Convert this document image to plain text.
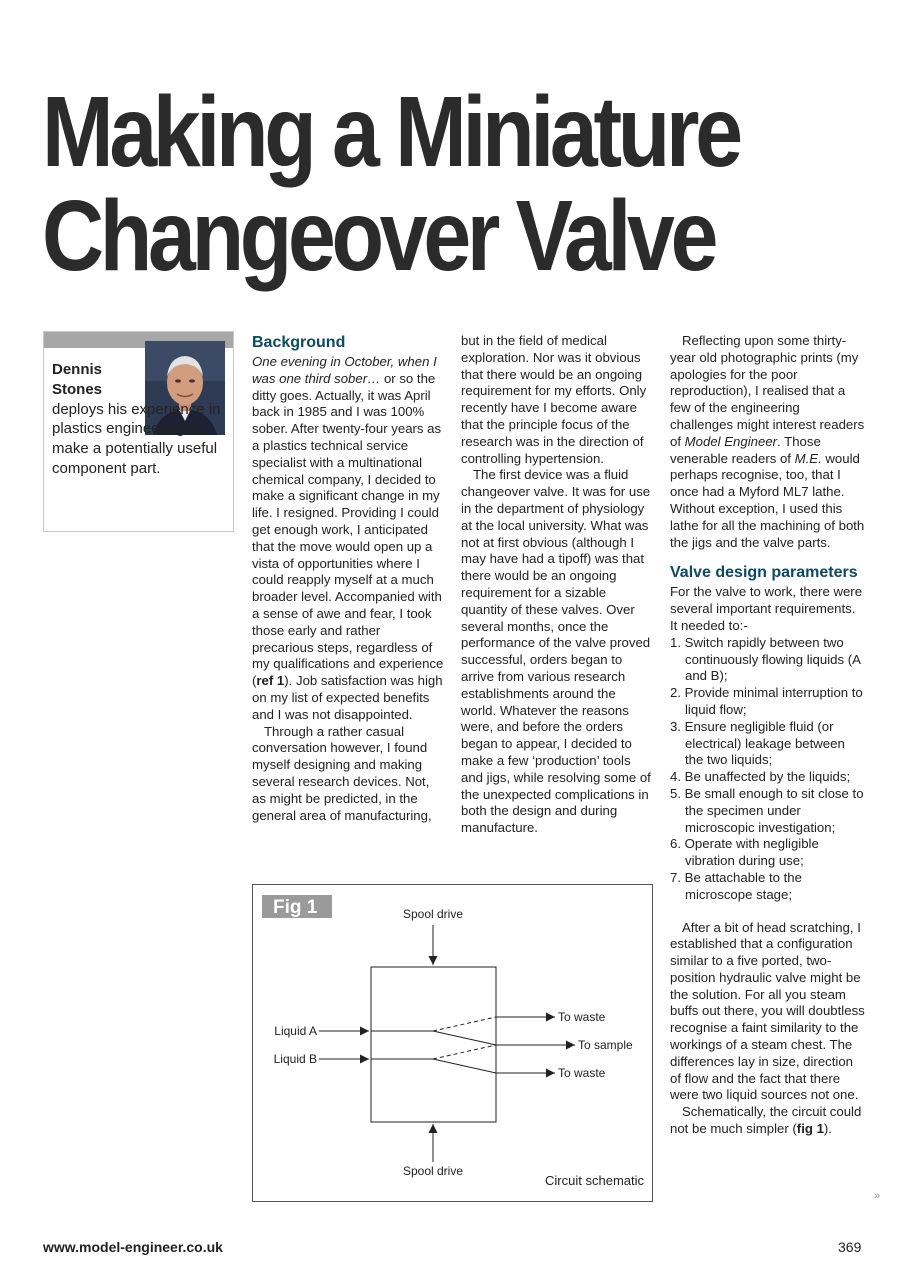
Making a Miniature
Changeover Valve
Dennis
Stones
deploys his experience in plastics engineering to make a potentially useful component part.
Background

One evening in October, when I was one third sober… or so the ditty goes. Actually, it was April back in 1985 and I was 100% sober. After twenty-four years as a plastics technical service specialist with a multinational chemical company, I decided to make a significant change in my life. I resigned. Providing I could get enough work, I anticipated that the move would open up a vista of opportunities where I could reapply myself at a much broader level. Accompanied with a sense of awe and fear, I took those early and rather precarious steps, regardless of my qualifications and experience (ref 1). Job satisfaction was high on my list of expected benefits and I was not disappointed.

Through a rather casual conversation however, I found myself designing and making several research devices. Not, as might be predicted, in the general area of manufacturing,

but in the field of medical exploration. Nor was it obvious that there would be an ongoing requirement for my efforts. Only recently have I become aware that the principle focus of the research was in the direction of controlling hypertension.

The first device was a fluid changeover valve. It was for use in the department of physiology at the local university. What was not at first obvious (although I may have had a tipoff) was that there would be an ongoing requirement for a sizable quantity of these valves. Over several months, once the performance of the valve proved successful, orders began to arrive from various research establishments around the world. Whatever the reasons were, and before the orders began to appear, I decided to make a few ‘production’ tools and jigs, while resolving some of the unexpected complications in both the design and during manufacture.

Reflecting upon some thirty-year old photographic prints (my apologies for the poor reproduction), I realised that a few of the engineering challenges might interest readers of Model Engineer. Those venerable readers of M.E. would perhaps recognise, too, that I once had a Myford ML7 lathe. Without exception, I used this lathe for all the machining of both the jigs and the valve parts.

Valve design parameters

For the valve to work, there were several important requirements. It needed to:-

1. Switch rapidly between two continuously flowing liquids (A and B);
2. Provide minimal interruption to liquid flow;
3. Ensure negligible fluid (or electrical) leakage between the two liquids;
4. Be unaffected by the liquids;
5. Be small enough to sit close to the specimen under microscopic investigation;
6. Operate with negligible vibration during use;
7. Be attachable to the microscope stage;

After a bit of head scratching, I established that a configuration similar to a five ported, two-position hydraulic valve might be the solution. For all you steam buffs out there, you will doubtless recognise a faint similarity to the workings of a steam chest. The differences lay in size, direction of flow and the fact that there were two liquid sources not one.

Schematically, the circuit could not be much simpler (fig 1).

Fig 1	Spool drive
Liquid A
Liquid B
To waste
To sample
To waste
Spool drive
Circuit schematic
»
www.model-engineer.co.uk	369
